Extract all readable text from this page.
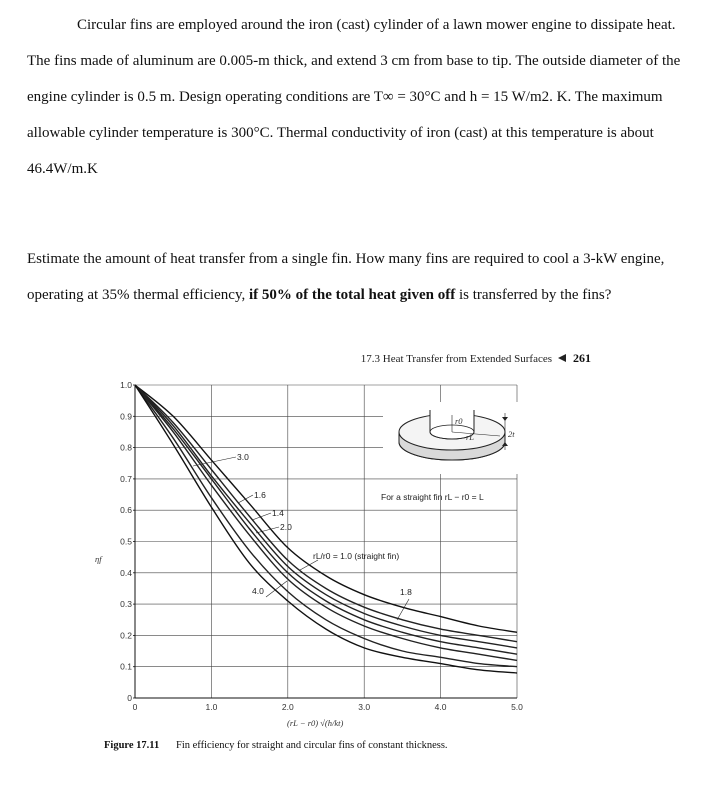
Circular fins are employed around the iron (cast) cylinder of a lawn mower engine to dissipate heat. The fins made of aluminum are 0.005-m thick, and extend 3 cm from base to tip. The outside diameter of the engine cylinder is 0.5 m. Design operating conditions are T∞ = 30°C and h = 15 W/m2. K. The maximum allowable cylinder temperature is 300°C. Thermal conductivity of iron (cast) at this temperature is about 46.4W/m.K

Estimate the amount of heat transfer from a single fin. How many fins are required to cool a 3-kW engine, operating at 35% thermal efficiency, if 50% of the total heat given off is transferred by the fins?

17.3 Heat Transfer from Extended Surfaces 261
0
0.1
0.2
0.3
0.4
0.5
0.6
0.7
0.8
0.9
1.0
0	1.0	2.0	3.0	4.0	5.0
r0
rL	2t
3.0
1.6
1.4
2.0
4.0	1.8
For a straight fin rL − r0 = L
rL/r0 = 1.0 (straight fin)
ηf
(rL − r0) √(h/kt)
Figure 17.11 Fin efficiency for straight and circular fins of constant thickness.
